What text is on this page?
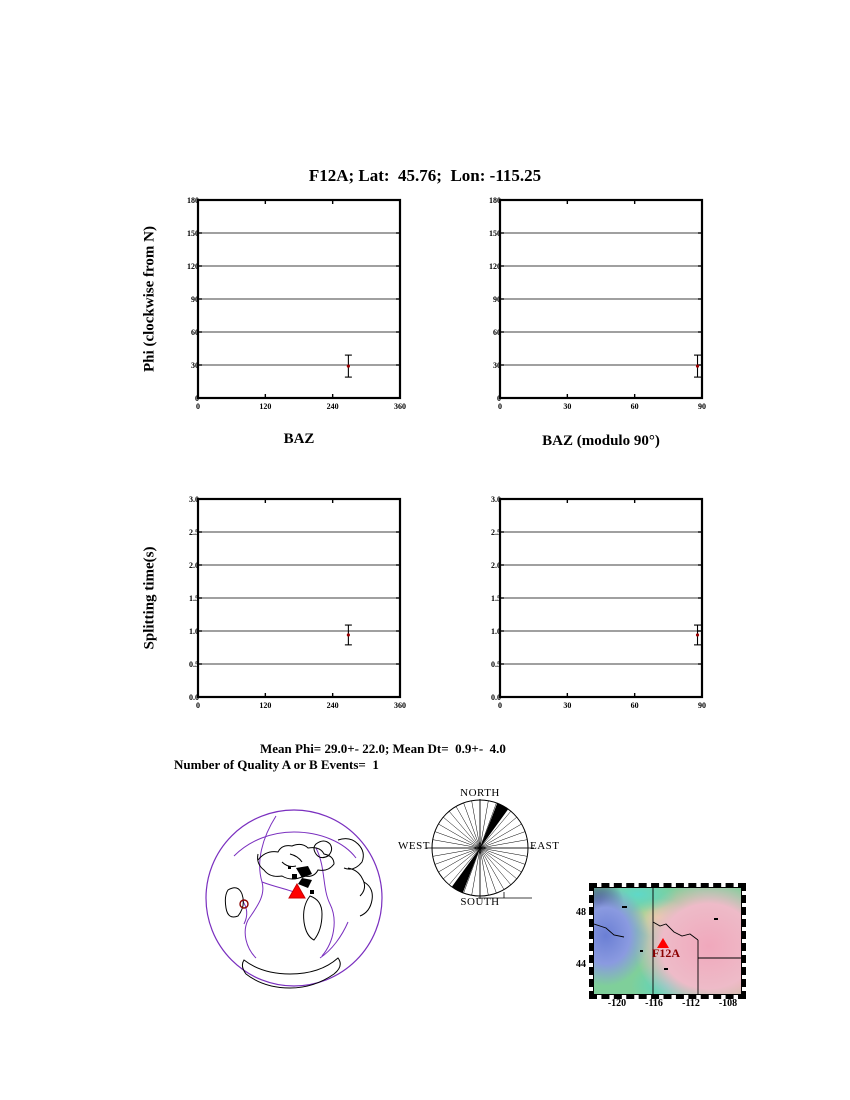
F12A; Lat:  45.76;  Lon: -115.25
Phi (clockwise from N)
Splitting time(s)
0
30
60
90
120
150
180
0	120	240	360
0
30
60
90
120
150
180
0	30	60	90
0.0
0.5
1.0
1.5
2.0
2.5
3.0
0	120	240	360
0.0
0.5
1.0
1.5
2.0
2.5
3.0
0	30	60	90
BAZ	BAZ (modulo 90°)
Mean Phi= 29.0+- 22.0; Mean Dt=  0.9+-  4.0
Number of Quality A or B Events=  1
NORTH
WEST	EAST
SOUTH
F12A
-120	-116	-112	-108
48
44
